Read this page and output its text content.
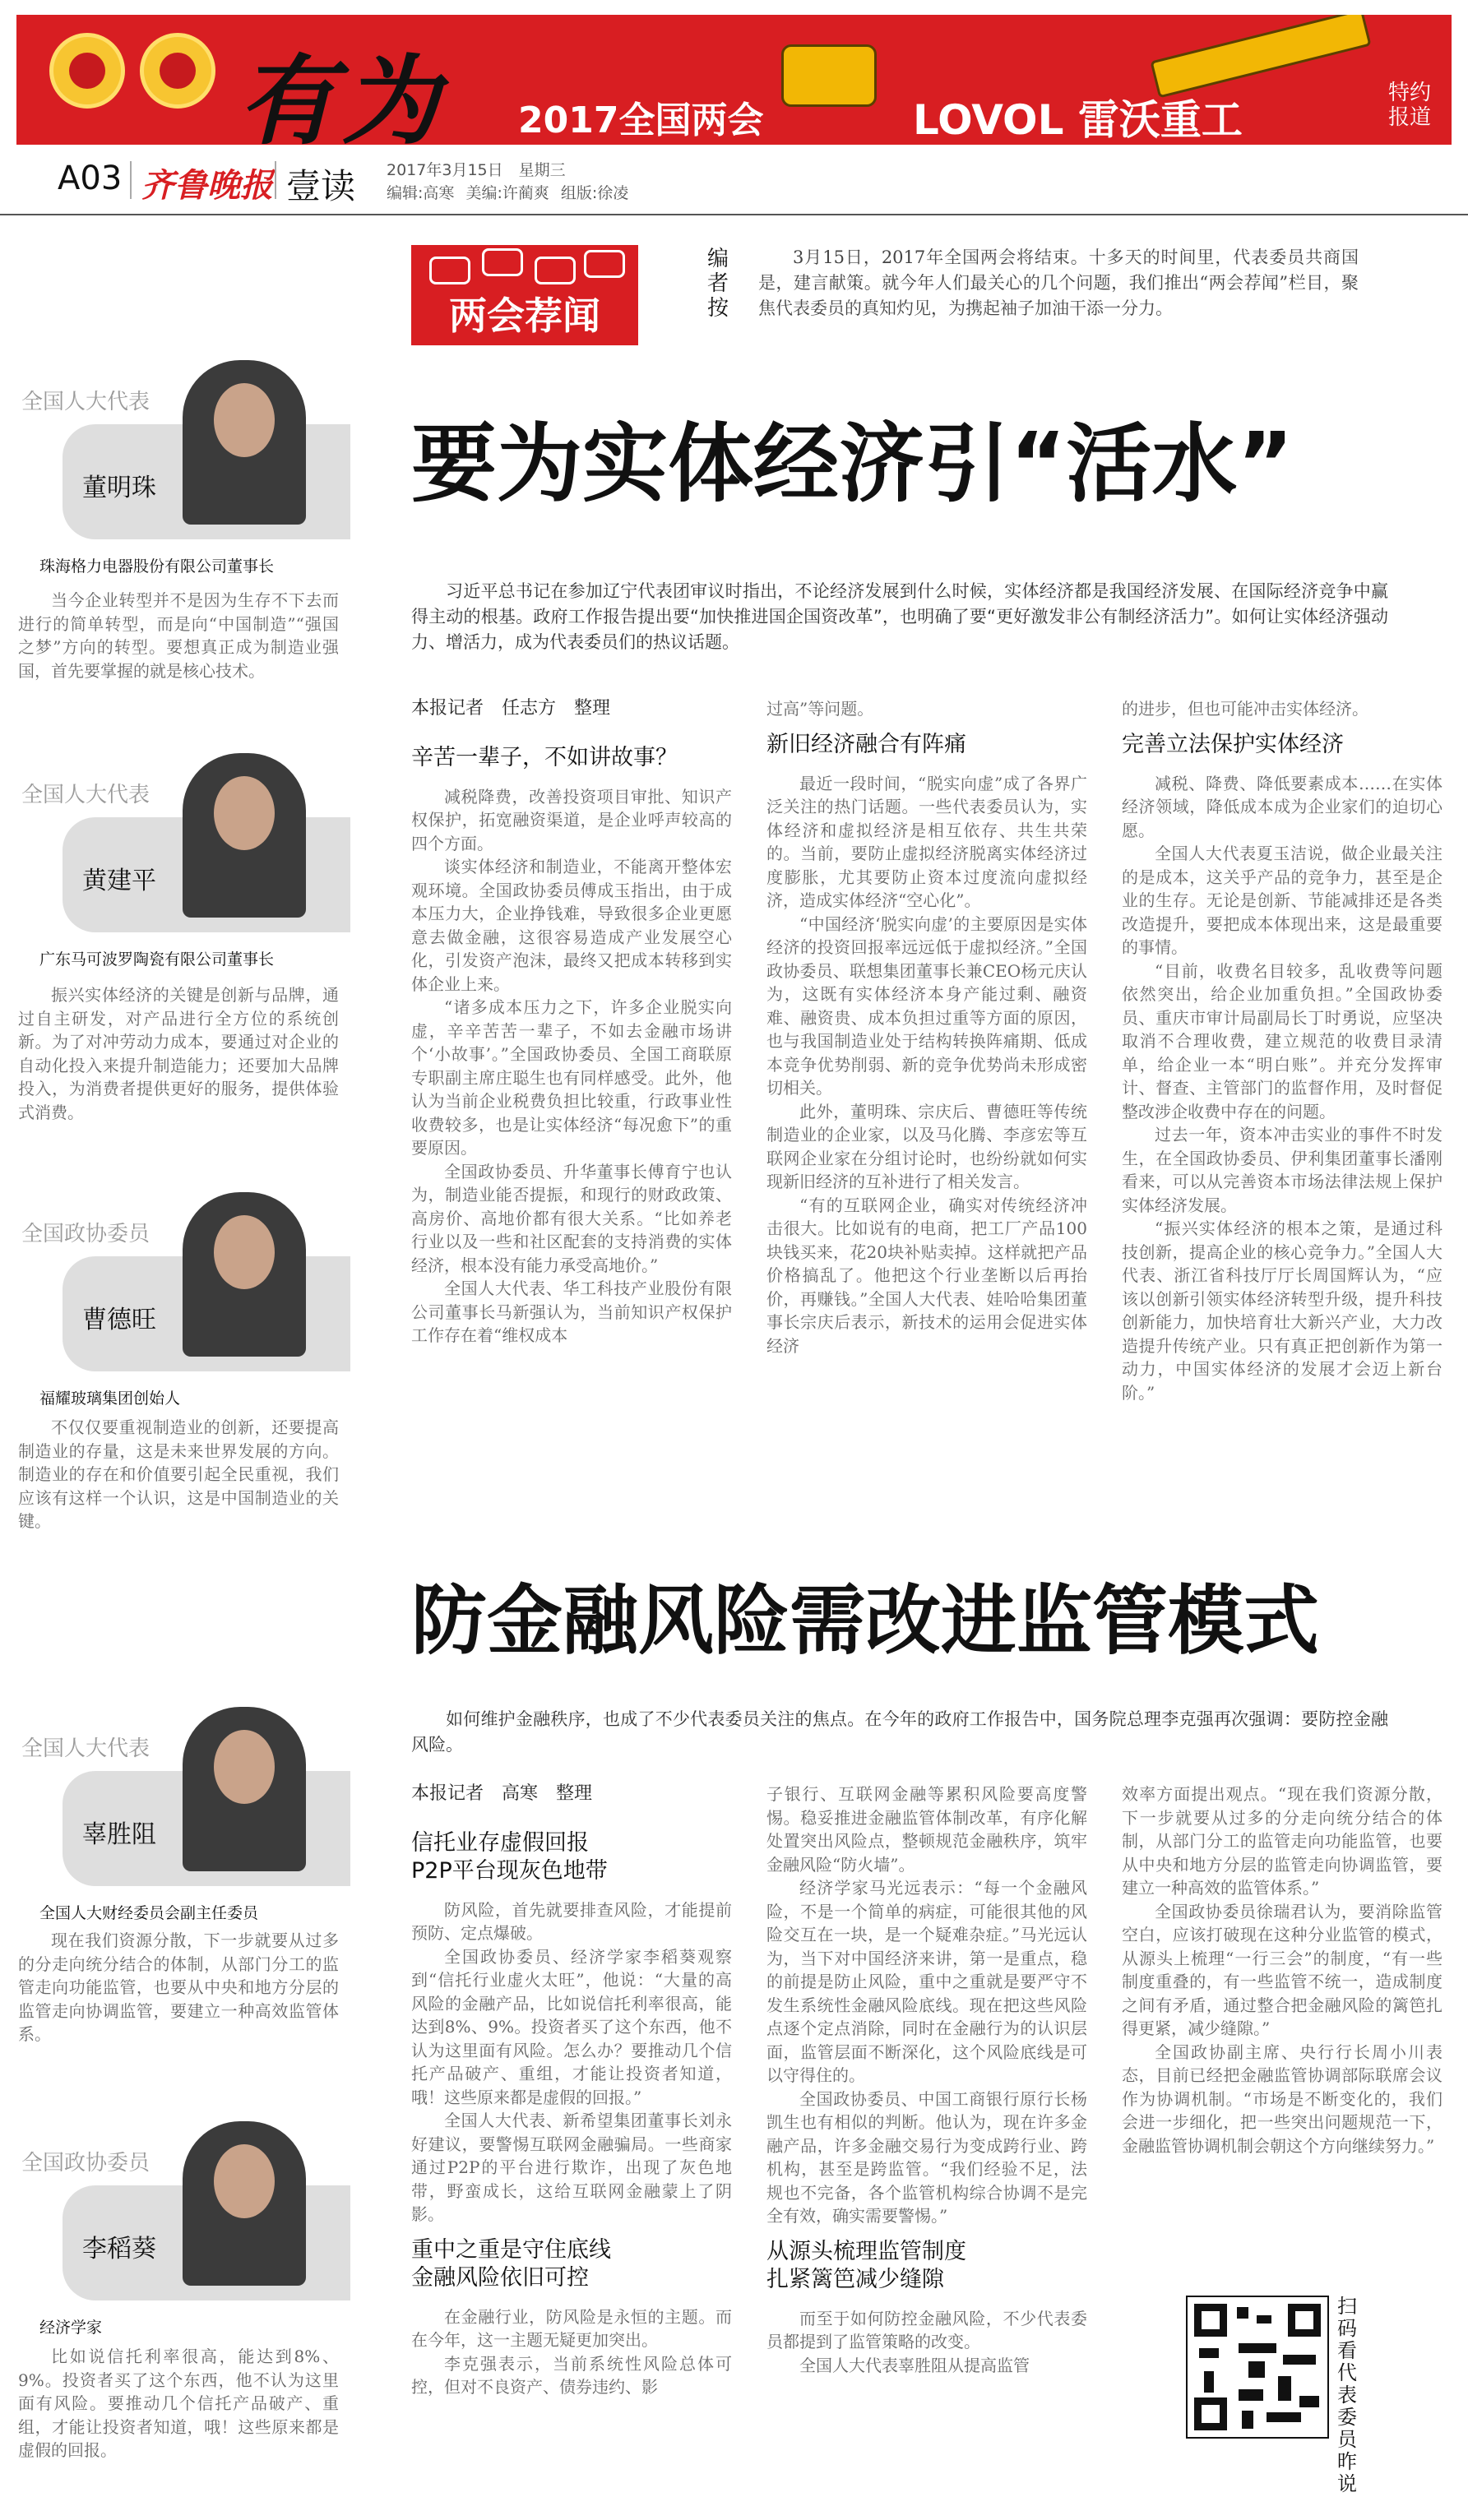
有为 2017全国两会	LOVOL 雷沃重工
特约
报道
A03 齐鲁晚报 壹读 2017年3月15日　星期三
编辑:高寒 美编:许蔺爽 组版:徐凌
两会荐闻
编者按
3月15日，2017年全国两会将结束。十多天的时间里，代表委员共商国是，建言献策。就今年人们最关心的几个问题，我们推出“两会荐闻”栏目，聚焦代表委员的真知灼见，为携起袖子加油干添一分力。
要为实体经济引“活水”
习近平总书记在参加辽宁代表团审议时指出，不论经济发展到什么时候，实体经济都是我国经济发展、在国际经济竞争中赢得主动的根基。政府工作报告提出要“加快推进国企国资改革”，也明确了要“更好激发非公有制经济活力”。如何让实体经济强动力、增活力，成为代表委员们的热议话题。
本报记者　任志方　整理
辛苦一辈子，不如讲故事？

减税降费，改善投资项目审批、知识产权保护，拓宽融资渠道，是企业呼声较高的四个方面。

谈实体经济和制造业，不能离开整体宏观环境。全国政协委员傅成玉指出，由于成本压力大，企业挣钱难，导致很多企业更愿意去做金融，这很容易造成产业发展空心化，引发资产泡沫，最终又把成本转移到实体企业上来。

“诸多成本压力之下，许多企业脱实向虚，辛辛苦苦一辈子，不如去金融市场讲个‘小故事’。”全国政协委员、全国工商联原专职副主席庄聪生也有同样感受。此外，他认为当前企业税费负担比较重，行政事业性收费较多，也是让实体经济“每况愈下”的重要原因。

全国政协委员、升华董事长傅育宁也认为，制造业能否提振，和现行的财政政策、高房价、高地价都有很大关系。“比如养老行业以及一些和社区配套的支持消费的实体经济，根本没有能力承受高地价。”

全国人大代表、华工科技产业股份有限公司董事长马新强认为，当前知识产权保护工作存在着“维权成本

过高”等问题。

新旧经济融合有阵痛

最近一段时间，“脱实向虚”成了各界广泛关注的热门话题。一些代表委员认为，实体经济和虚拟经济是相互依存、共生共荣的。当前，要防止虚拟经济脱离实体经济过度膨胀，尤其要防止资本过度流向虚拟经济，造成实体经济“空心化”。

“中国经济‘脱实向虚’的主要原因是实体经济的投资回报率远远低于虚拟经济。”全国政协委员、联想集团董事长兼CEO杨元庆认为，这既有实体经济本身产能过剩、融资难、融资贵、成本负担过重等方面的原因，也与我国制造业处于结构转换阵痛期、低成本竞争优势削弱、新的竞争优势尚未形成密切相关。

此外，董明珠、宗庆后、曹德旺等传统制造业的企业家，以及马化腾、李彦宏等互联网企业家在分组讨论时，也纷纷就如何实现新旧经济的互补进行了相关发言。

“有的互联网企业，确实对传统经济冲击很大。比如说有的电商，把工厂产品100块钱买来，花20块补贴卖掉。这样就把产品价格搞乱了。他把这个行业垄断以后再抬价，再赚钱。”全国人大代表、娃哈哈集团董事长宗庆后表示，新技术的运用会促进实体经济

的进步，但也可能冲击实体经济。

完善立法保护实体经济

减税、降费、降低要素成本……在实体经济领域，降低成本成为企业家们的迫切心愿。

全国人大代表夏玉洁说，做企业最关注的是成本，这关乎产品的竞争力，甚至是企业的生存。无论是创新、节能减排还是各类改造提升，要把成本体现出来，这是最重要的事情。

“目前，收费名目较多，乱收费等问题依然突出，给企业加重负担。”全国政协委员、重庆市审计局副局长丁时勇说，应坚决取消不合理收费，建立规范的收费目录清单，给企业一本“明白账”。并充分发挥审计、督查、主管部门的监督作用，及时督促整改涉企收费中存在的问题。

过去一年，资本冲击实业的事件不时发生，在全国政协委员、伊利集团董事长潘刚看来，可以从完善资本市场法律法规上保护实体经济发展。

“振兴实体经济的根本之策，是通过科技创新，提高企业的核心竞争力。”全国人大代表、浙江省科技厅厅长周国辉认为，“应该以创新引领实体经济转型升级，提升科技创新能力，加快培育壮大新兴产业，大力改造提升传统产业。只有真正把创新作为第一动力，中国实体经济的发展才会迈上新台阶。”

防金融风险需改进监管模式
如何维护金融秩序，也成了不少代表委员关注的焦点。在今年的政府工作报告中，国务院总理李克强再次强调：要防控金融风险。
本报记者　高寒　整理
信托业存虚假回报
P2P平台现灰色地带

防风险，首先就要排查风险，才能提前预防、定点爆破。

全国政协委员、经济学家李稻葵观察到“信托行业虚火太旺”，他说：“大量的高风险的金融产品，比如说信托利率很高，能达到8%、9%。投资者买了这个东西，他不认为这里面有风险。怎么办？要推动几个信托产品破产、重组，才能让投资者知道，哦！这些原来都是虚假的回报。”

全国人大代表、新希望集团董事长刘永好建议，要警惕互联网金融骗局。一些商家通过P2P的平台进行欺诈，出现了灰色地带，野蛮成长，这给互联网金融蒙上了阴影。

重中之重是守住底线
金融风险依旧可控

在金融行业，防风险是永恒的主题。而在今年，这一主题无疑更加突出。

李克强表示，当前系统性风险总体可控，但对不良资产、债券违约、影

子银行、互联网金融等累积风险要高度警惕。稳妥推进金融监管体制改革，有序化解处置突出风险点，整顿规范金融秩序，筑牢金融风险“防火墙”。

经济学家马光远表示：“每一个金融风险，不是一个简单的病症，可能很其他的风险交互在一块，是一个疑难杂症。”马光远认为，当下对中国经济来讲，第一是重点，稳的前提是防止风险，重中之重就是要严守不发生系统性金融风险底线。现在把这些风险点逐个定点消除，同时在金融行为的认识层面，监管层面不断深化，这个风险底线是可以守得住的。

全国政协委员、中国工商银行原行长杨凯生也有相似的判断。他认为，现在许多金融产品，许多金融交易行为变成跨行业、跨机构，甚至是跨监管。“我们经验不足，法规也不完备，各个监管机构综合协调不是完全有效，确实需要警惕。”

从源头梳理监管制度
扎紧篱笆减少缝隙

而至于如何防控金融风险，不少代表委员都提到了监管策略的改变。

全国人大代表辜胜阻从提高监管

效率方面提出观点。“现在我们资源分散，下一步就要从过多的分走向统分结合的体制，从部门分工的监管走向功能监管，也要从中央和地方分层的监管走向协调监管，要建立一种高效的监管体系。”

全国政协委员徐瑞君认为，要消除监管空白，应该打破现在这种分业监管的模式，从源头上梳理“一行三会”的制度，“有一些制度重叠的，有一些监管不统一，造成制度之间有矛盾，通过整合把金融风险的篱笆扎得更紧，减少缝隙。”

全国政协副主席、央行行长周小川表态，目前已经把金融监管协调部际联席会议作为协调机制。“市场是不断变化的，我们会进一步细化，把一些突出问题规范一下，金融监管协调机制会朝这个方向继续努力。”

全国人大代表
董明珠
珠海格力电器股份有限公司董事长
当今企业转型并不是因为生存不下去而进行的简单转型，而是向“中国制造”“强国之梦”方向的转型。要想真正成为制造业强国，首先要掌握的就是核心技术。
全国人大代表
黄建平
广东马可波罗陶瓷有限公司董事长
振兴实体经济的关键是创新与品牌，通过自主研发，对产品进行全方位的系统创新。为了对冲劳动力成本，要通过对企业的自动化投入来提升制造能力；还要加大品牌投入，为消费者提供更好的服务，提供体验式消费。
全国政协委员
曹德旺
福耀玻璃集团创始人
不仅仅要重视制造业的创新，还要提高制造业的存量，这是未来世界发展的方向。制造业的存在和价值要引起全民重视，我们应该有这样一个认识，这是中国制造业的关键。
全国人大代表
辜胜阻
全国人大财经委员会副主任委员
现在我们资源分散，下一步就要从过多的分走向统分结合的体制，从部门分工的监管走向功能监管，也要从中央和地方分层的监管走向协调监管，要建立一种高效监管体系。
全国政协委员
李稻葵
经济学家
比如说信托利率很高，能达到8%、9%。投资者买了这个东西，他不认为这里面有风险。要推动几个信托产品破产、重组，才能让投资者知道，哦！这些原来都是虚假的回报。
扫码看代表委员昨说
